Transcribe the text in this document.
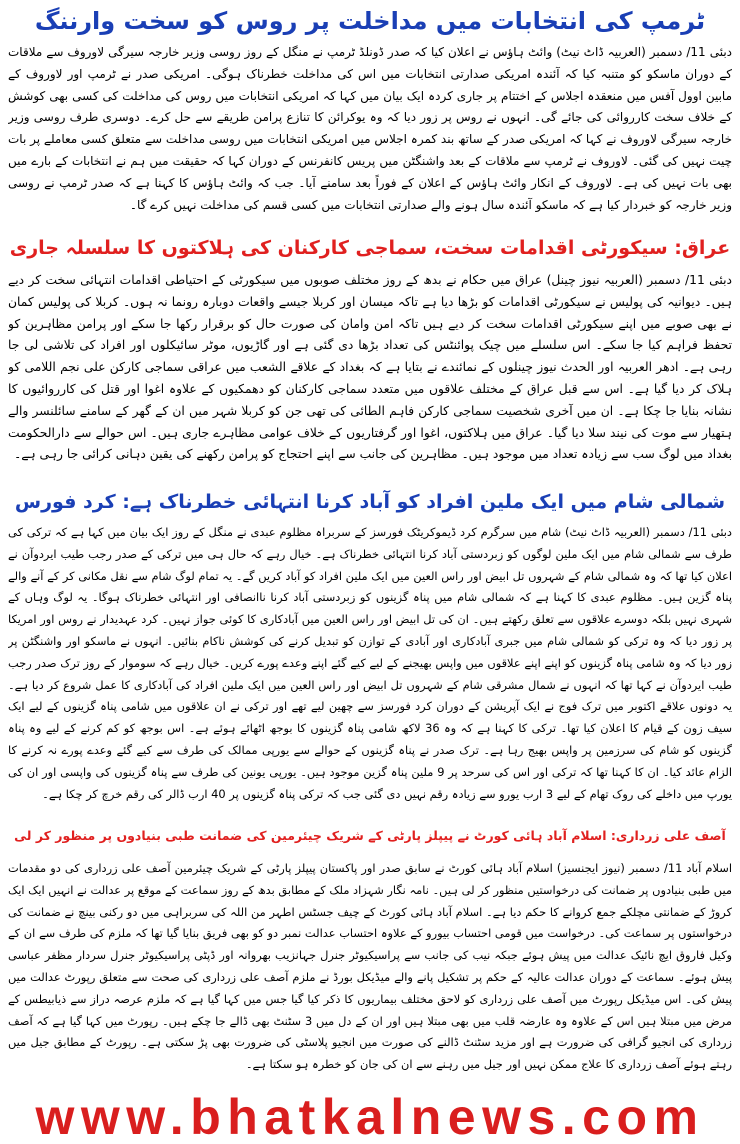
ٹرمپ کی انتخابات میں مداخلت پر روس کو سخت وارننگ
دبئی 11/ دسمبر (العربیہ ڈاٹ نیٹ) وائٹ ہاؤس نے اعلان کیا کہ صدر ڈونلڈ ٹرمپ نے منگل کے روز روسی وزیر خارجہ سیرگی لاوروف سے ملاقات کے دوران ماسکو کو متنبہ کیا کہ آئندہ امریکی صدارتی انتخابات میں اس کی مداخلت خطرناک ہوگی۔ امریکی صدر نے ٹرمپ اور لاوروف کے مابین اوول آفس میں منعقدہ اجلاس کے اختتام پر جاری کردہ ایک بیان میں کہا کہ امریکی انتخابات میں روس کی مداخلت کی کسی بھی کوشش کے خلاف سخت کارروائی کی جائے گی۔ انہوں نے روس پر زور دیا کہ وہ یوکرائن کا تنازع پرامن طریقے سے حل کرے۔ دوسری طرف روسی وزیر خارجہ سیرگی لاوروف نے کہا کہ امریکی صدر کے ساتھ بند کمرہ اجلاس میں امریکی انتخابات میں روسی مداخلت سے متعلق کسی معاملے پر بات چیت نہیں کی گئی۔ لاوروف نے ٹرمپ سے ملاقات کے بعد واشنگٹن میں پریس کانفرنس کے دوران کہا کہ حقیقت میں ہم نے انتخابات کے بارے میں بھی بات نہیں کی ہے۔ لاوروف کے انکار وائٹ ہاؤس کے اعلان کے فوراً بعد سامنے آیا۔ جب کہ وائٹ ہاؤس کا کہنا ہے کہ صدر ٹرمپ نے روسی وزیر خارجہ کو خبردار کیا ہے کہ ماسکو آئندہ سال ہونے والے صدارتی انتخابات میں کسی قسم کی مداخلت نہیں کرے گا۔
عراق: سیکورٹی اقدامات سخت، سماجی کارکنان کی ہلاکتوں کا سلسلہ جاری
دبئی 11/ دسمبر (العربیہ نیوز چینل) عراق میں حکام نے بدھ کے روز مختلف صوبوں میں سیکورٹی کے احتیاطی اقدامات انتہائی سخت کر دیے ہیں۔ دیوانیہ کی پولیس نے سیکورٹی اقدامات کو بڑھا دیا ہے تاکہ میسان اور کربلا جیسے واقعات دوبارہ رونما نہ ہوں۔ کربلا کی پولیس کمان نے بھی صوبے میں اپنے سیکورٹی اقدامات سخت کر دیے ہیں تاکہ امن وامان کی صورت حال کو برقرار رکھا جا سکے اور پرامن مظاہرین کو تحفظ فراہم کیا جا سکے۔ اس سلسلے میں چیک پوائنٹس کی تعداد بڑھا دی گئی ہے اور گاڑیوں، موٹر سائیکلوں اور افراد کی تلاشی لی جا رہی ہے۔ ادھر العربیہ اور الحدث نیوز چینلوں کے نمائندے نے بتایا ہے کہ بغداد کے علاقے الشعب میں عراقی سماجی کارکن علی نجم اللامی کو ہلاک کر دیا گیا ہے۔ اس سے قبل عراق کے مختلف علاقوں میں متعدد سماجی کارکنان کو دھمکیوں کے علاوہ اغوا اور قتل کی کارروائیوں کا نشانہ بنایا جا چکا ہے۔ ان میں آخری شخصیت سماجی کارکن فاہم الطائی کی تھی جن کو کربلا شہر میں ان کے گھر کے سامنے سائلنسر والے ہتھیار سے موت کی نیند سلا دیا گیا۔ عراق میں ہلاکتوں، اغوا اور گرفتاریوں کے خلاف عوامی مظاہرے جاری ہیں۔ اس حوالے سے دارالحکومت بغداد میں لوگ سب سے زیادہ تعداد میں موجود ہیں۔ مظاہرین کی جانب سے اپنے احتجاج کو پرامن رکھنے کی یقین دہانی کرائی جا رہی ہے۔
شمالی شام میں ایک ملین افراد کو آباد کرنا انتہائی خطرناک ہے: کرد فورس
دبئی 11/ دسمبر (العربیہ ڈاٹ نیٹ) شام میں سرگرم کرد ڈیموکریٹک فورسز کے سربراہ مظلوم عبدی نے منگل کے روز ایک بیان میں کہا ہے کہ ترکی کی طرف سے شمالی شام میں ایک ملین لوگوں کو زبردستی آباد کرنا انتہائی خطرناک ہے۔ خیال رہے کہ حال ہی میں ترکی کے صدر رجب طیب ایردوآن نے اعلان کیا تھا کہ وہ شمالی شام کے شہروں تل ابیض اور راس العین میں ایک ملین افراد کو آباد کریں گے۔ یہ تمام لوگ شام سے نقل مکانی کر کے آنے والے پناہ گزین ہیں۔ مظلوم عبدی کا کہنا ہے کہ شمالی شام میں پناہ گزینوں کو زبردستی آباد کرنا ناانصافی اور انتہائی خطرناک ہوگا۔ یہ لوگ وہاں کے شہری نہیں بلکہ دوسرے علاقوں سے تعلق رکھتے ہیں۔ ان کی تل ابیض اور راس العین میں آبادکاری کا کوئی جواز نہیں۔ کرد عہدیدار نے روس اور امریکا پر زور دیا کہ وہ ترکی کو شمالی شام میں جبری آبادکاری اور آبادی کے توازن کو تبدیل کرنے کی کوشش ناکام بنائیں۔ انہوں نے ماسکو اور واشنگٹن پر زور دیا کہ وہ شامی پناہ گزینوں کو اپنے اپنے علاقوں میں واپس بھیجنے کے لیے کیے گئے اپنے وعدے پورے کریں۔ خیال رہے کہ سوموار کے روز ترک صدر رجب طیب ایردوآن نے کہا تھا کہ انہوں نے شمال مشرقی شام کے شہروں تل ابیض اور راس العین میں ایک ملین افراد کی آبادکاری کا عمل شروع کر دیا ہے۔ یہ دونوں علاقے اکتوبر میں ترک فوج نے ایک آپریشن کے دوران کرد فورسز سے چھین لیے تھے اور ترکی نے ان علاقوں میں شامی پناہ گزینوں کے لیے ایک سیف زون کے قیام کا اعلان کیا تھا۔ ترکی کا کہنا ہے کہ وہ 36 لاکھ شامی پناہ گزینوں کا بوجھ اٹھائے ہوئے ہے۔ اس بوجھ کو کم کرنے کے لیے وہ پناہ گزینوں کو شام کی سرزمین پر واپس بھیج رہا ہے۔ ترک صدر نے پناہ گزینوں کے حوالے سے یورپی ممالک کی طرف سے کیے گئے وعدے پورے نہ کرنے کا الزام عائد کیا۔ ان کا کہنا تھا کہ ترکی اور اس کی سرحد پر 9 ملین پناہ گزین موجود ہیں۔ یورپی یونین کی طرف سے پناہ گزینوں کی واپسی اور ان کی یورپ میں داخلے کی روک تھام کے لیے 3 ارب یورو سے زیادہ رقم نہیں دی گئی جب کہ ترکی پناہ گزینوں پر 40 ارب ڈالر کی رقم خرچ کر چکا ہے۔
آصف علی زرداری: اسلام آباد ہائی کورٹ نے پیپلز پارٹی کے شریک چیئرمین کی ضمانت طبی بنیادوں پر منظور کر لی
اسلام آباد 11/ دسمبر (نیوز ایجنسیز) اسلام آباد ہائی کورٹ نے سابق صدر اور پاکستان پیپلز پارٹی کے شریک چیئرمین آصف علی زرداری کی دو مقدمات میں طبی بنیادوں پر ضمانت کی درخواستیں منظور کر لی ہیں۔ نامہ نگار شہزاد ملک کے مطابق بدھ کے روز سماعت کے موقع پر عدالت نے انہیں ایک ایک کروڑ کے ضمانتی مچلکے جمع کروانے کا حکم دیا ہے۔ اسلام آباد ہائی کورٹ کے چیف جسٹس اطہر من اللہ کی سربراہی میں دو رکنی بینچ نے ضمانت کی درخواستوں پر سماعت کی۔ درخواست میں قومی احتساب بیورو کے علاوہ احتساب عدالت نمبر دو کو بھی فریق بنایا گیا تھا کہ ملزم کی طرف سے ان کے وکیل فاروق ایچ نائیک عدالت میں پیش ہوئے جبکہ نیب کی جانب سے پراسیکیوٹر جنرل جہانزیب بھروانہ اور ڈپٹی پراسیکیوٹر جنرل سردار مظفر عباسی پیش ہوئے۔ سماعت کے دوران عدالت عالیہ کے حکم پر تشکیل پانے والے میڈیکل بورڈ نے ملزم آصف علی زرداری کی صحت سے متعلق رپورٹ عدالت میں پیش کی۔ اس میڈیکل رپورٹ میں آصف علی زرداری کو لاحق مختلف بیماریوں کا ذکر کیا گیا جس میں کہا گیا ہے کہ ملزم عرصہ دراز سے ذیابیطس کے مرض میں مبتلا ہیں اس کے علاوہ وہ عارضہ قلب میں بھی مبتلا ہیں اور ان کے دل میں 3 سٹنٹ بھی ڈالے جا چکے ہیں۔ رپورٹ میں کہا گیا ہے کہ آصف زرداری کی انجیو گرافی کی ضرورت ہے اور مزید سٹنٹ ڈالنے کی صورت میں انجیو پلاسٹی کی ضرورت بھی پڑ سکتی ہے۔ رپورٹ کے مطابق جیل میں رہتے ہوئے آصف زرداری کا علاج ممکن نہیں اور جیل میں رہنے سے ان کی جان کو خطرہ ہو سکتا ہے۔
www.bhatkalnews.com
